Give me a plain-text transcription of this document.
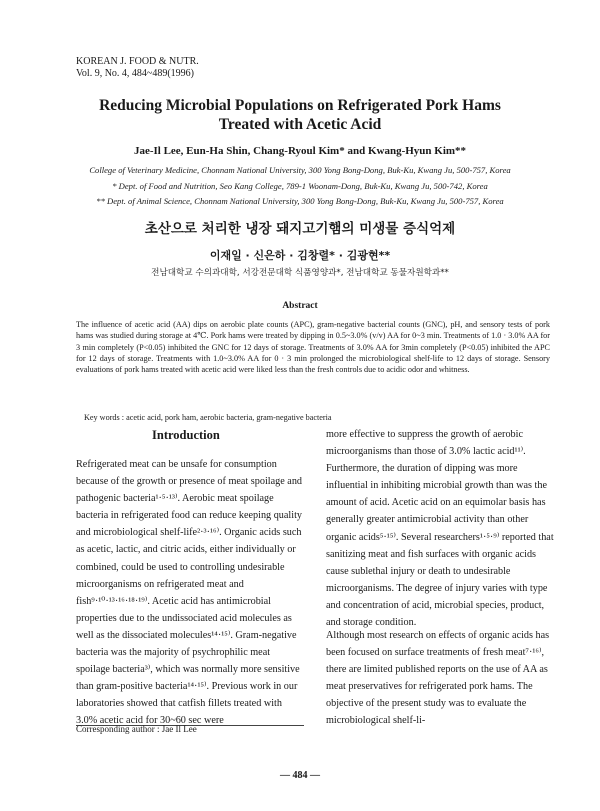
KOREAN J. FOOD & NUTR.
Vol. 9, No. 4, 484~489(1996)
Reducing Microbial Populations on Refrigerated Pork Hams
Treated with Acetic Acid
Jae-Il Lee, Eun-Ha Shin, Chang-Ryoul Kim* and Kwang-Hyun Kim**
College of Veterinary Medicine, Chonnam National University, 300 Yong Bong-Dong, Buk-Ku, Kwang Ju, 500-757, Korea
* Dept. of Food and Nutrition, Seo Kang College, 789-1 Woonam-Dong, Buk-Ku, Kwang Ju, 500-742, Korea
** Dept. of Animal Science, Chonnam National University, 300 Yong Bong-Dong, Buk-Ku, Kwang Ju, 500-757, Korea
초산으로 처리한 냉장 돼지고기햄의 미생물 증식억제
이재일 · 신은하 · 김창렬* · 김광현**
전남대학교 수의과대학, 서강전문대학 식품영양과*, 전남대학교 동물자원학과**
Abstract
The influence of acetic acid (AA) dips on aerobic plate counts (APC), gram-negative bacterial counts (GNC), pH, and sensory tests of pork hams was studied during storage at 4℃. Pork hams were treated by dipping in 0.5~3.0% (v/v) AA for 0~3 min. Treatments of 1.0 · 3.0% AA for 3 min completely (P<0.05) inhibited the GNC for 12 days of storage. Treatments of 3.0% AA for 3min completely (P<0.05) inhibited the APC for 12 days of storage. Treatments with 1.0~3.0% AA for 0 · 3 min prolonged the microbiological shelf-life to 12 days of storage. Sensory evaluations of pork hams treated with acetic acid were liked less than the fresh controls due to acidic odor and whitness.
Key words : acetic acid, pork ham, aerobic bacteria, gram-negative bacteria
Introduction
Refrigerated meat can be unsafe for consumption because of the growth or presence of meat spoilage and pathogenic bacteria¹·⁵·¹³⁾. Aerobic meat spoilage bacteria in refrigerated food can reduce keeping quality and microbiological shelf-life²·³·¹⁶⁾. Organic acids such as acetic, lactic, and citric acids, either individually or combined, could be used to controlling undesirable microorganisms on refrigerated meat and fish⁹·¹⁰·¹³·¹⁶·¹⁸·¹⁹⁾. Acetic acid has antimicrobial properties due to the undissociated acid molecules as well as the dissociated molecules¹⁴·¹⁵⁾. Gram-negative bacteria was the majority of psychrophilic meat spoilage bacteria³⁾, which was normally more sensitive than gram-positive bacteria¹⁴·¹⁵⁾. Previous work in our laboratories showed that catfish fillets treated with 3.0% acetic acid for 30~60 sec were
more effective to suppress the growth of aerobic microorganisms than those of 3.0% lactic acid¹¹⁾. Furthermore, the duration of dipping was more influential in inhibiting microbial growth than was the amount of acid. Acetic acid on an equimolar basis has generally greater antimicrobial activity than other organic acids⁵·¹⁵⁾. Several researchers¹·⁵·⁹⁾ reported that sanitizing meat and fish surfaces with organic acids cause sublethal injury or death to undesirable microorganisms. The degree of injury varies with type and concentration of acid, microbial species, product, and storage condition.
Although most research on effects of organic acids has been focused on surface treatments of fresh meat⁷·¹⁶⁾, there are limited published reports on the use of AA as meat preservatives for refrigerated pork hams. The objective of the present study was to evaluate the microbiological shelf-li-
Corresponding author : Jae Il Lee
— 484 —
